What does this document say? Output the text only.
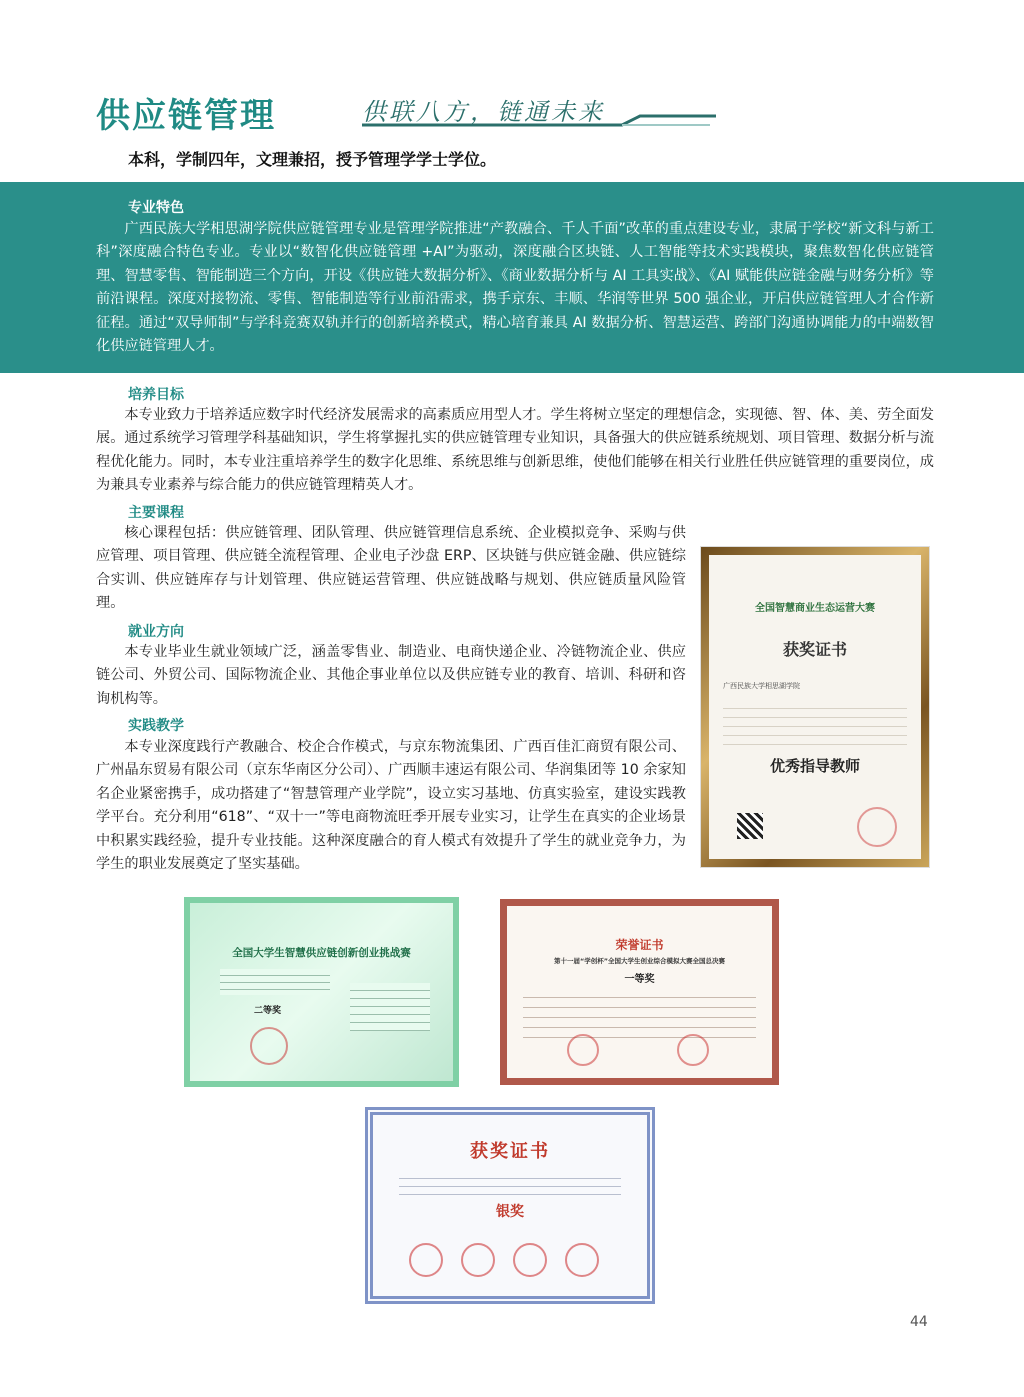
供应链管理	供联八方，链通未来
本科，学制四年，文理兼招，授予管理学学士学位。
专业特色
广西民族大学相思湖学院供应链管理专业是管理学院推进“产教融合、千人千面”改革的重点建设专业，隶属于学校“新文科与新工科”深度融合特色专业。专业以“数智化供应链管理 +AI”为驱动，深度融合区块链、人工智能等技术实践模块，聚焦数智化供应链管理、智慧零售、智能制造三个方向，开设《供应链大数据分析》、《商业数据分析与 AI 工具实战》、《AI 赋能供应链金融与财务分析》等前沿课程。深度对接物流、零售、智能制造等行业前沿需求，携手京东、丰顺、华润等世界 500 强企业，开启供应链管理人才合作新征程。通过“双导师制”与学科竞赛双轨并行的创新培养模式，精心培育兼具 AI 数据分析、智慧运营、跨部门沟通协调能力的中端数智化供应链管理人才。
培养目标
本专业致力于培养适应数字时代经济发展需求的高素质应用型人才。学生将树立坚定的理想信念，实现德、智、体、美、劳全面发展。通过系统学习管理学科基础知识，学生将掌握扎实的供应链管理专业知识，具备强大的供应链系统规划、项目管理、数据分析与流程优化能力。同时，本专业注重培养学生的数字化思维、系统思维与创新思维，使他们能够在相关行业胜任供应链管理的重要岗位，成为兼具专业素养与综合能力的供应链管理精英人才。
主要课程
核心课程包括：供应链管理、团队管理、供应链管理信息系统、企业模拟竞争、采购与供应管理、项目管理、供应链全流程管理、企业电子沙盘 ERP、区块链与供应链金融、供应链综合实训、供应链库存与计划管理、供应链运营管理、供应链战略与规划、供应链质量风险管理。
就业方向
本专业毕业生就业领域广泛，涵盖零售业、制造业、电商快递企业、冷链物流企业、供应链公司、外贸公司、国际物流企业、其他企事业单位以及供应链专业的教育、培训、科研和咨询机构等。
实践教学
本专业深度践行产教融合、校企合作模式，与京东物流集团、广西百佳汇商贸有限公司、广州晶东贸易有限公司（京东华南区分公司）、广西顺丰速运有限公司、华润集团等 10 余家知名企业紧密携手，成功搭建了“智慧管理产业学院”，设立实习基地、仿真实验室，建设实践教学平台。充分利用“618”、“双十一”等电商物流旺季开展专业实习，让学生在真实的企业场景中积累实践经验，提升专业技能。这种深度融合的育人模式有效提升了学生的就业竞争力，为学生的职业发展奠定了坚实基础。
全国智慧商业生态运营大赛
获奖证书
广西民族大学相思湖学院
优秀指导教师
全国大学生智慧供应链创新创业挑战赛
二等奖
荣誉证书
第十一届“学创杯”全国大学生创业综合模拟大赛全国总决赛
一等奖
获奖证书
银奖
44
